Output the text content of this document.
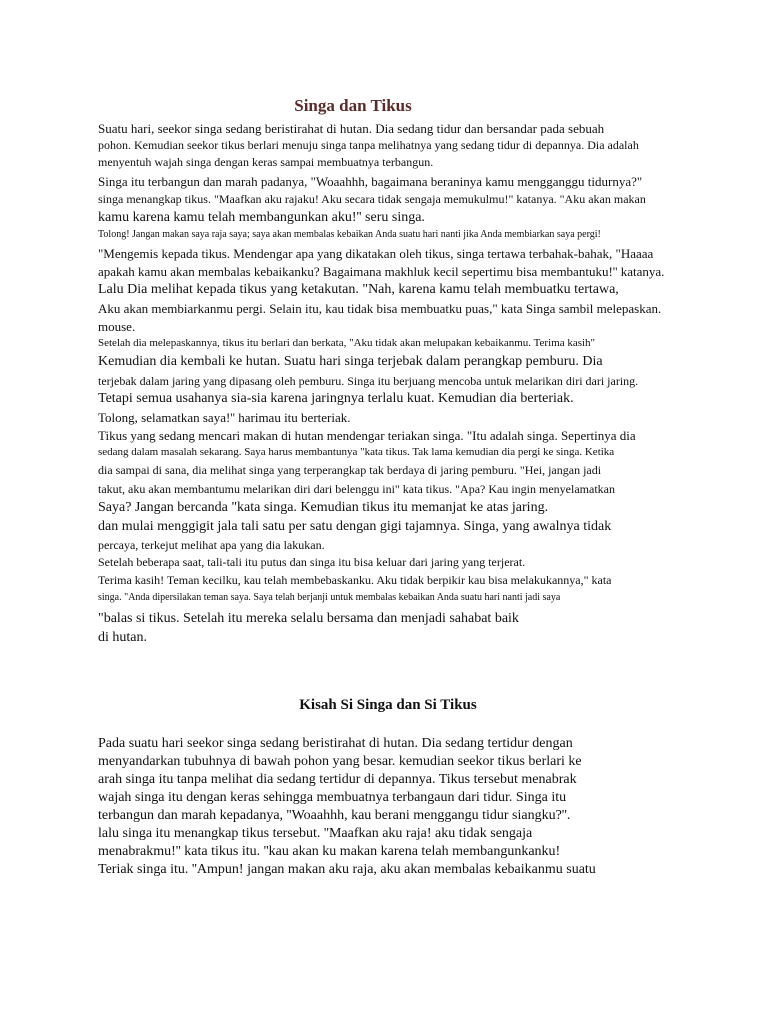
Singa dan Tikus
Suatu hari, seekor singa sedang beristirahat di hutan. Dia sedang tidur dan bersandar pada sebuah
pohon. Kemudian seekor tikus berlari menuju singa tanpa melihatnya yang sedang tidur di depannya. Dia adalah
menyentuh wajah singa dengan keras sampai membuatnya terbangun.
Singa itu terbangun dan marah padanya, "Woaahhh, bagaimana beraninya kamu mengganggu tidurnya?"
singa menangkap tikus. "Maafkan aku rajaku! Aku secara tidak sengaja memukulmu!" katanya. "Aku akan makan
kamu karena kamu telah membangunkan aku!'' seru singa.
Tolong! Jangan makan saya raja saya; saya akan membalas kebaikan Anda suatu hari nanti jika Anda membiarkan saya pergi!
"Mengemis kepada tikus. Mendengar apa yang dikatakan oleh tikus, singa tertawa terbahak-bahak, "Haaaa
apakah kamu akan membalas kebaikanku? Bagaimana makhluk kecil sepertimu bisa membantuku!'' katanya.
Lalu Dia melihat kepada tikus yang ketakutan. "Nah, karena kamu telah membuatku tertawa,
Aku akan membiarkanmu pergi. Selain itu, kau tidak bisa membuatku puas," kata Singa sambil melepaskan.
mouse.
Setelah dia melepaskannya, tikus itu berlari dan berkata, "Aku tidak akan melupakan kebaikanmu. Terima kasih"
Kemudian dia kembali ke hutan. Suatu hari singa terjebak dalam perangkap pemburu. Dia
terjebak dalam jaring yang dipasang oleh pemburu. Singa itu berjuang mencoba untuk melarikan diri dari jaring.
Tetapi semua usahanya sia-sia karena jaringnya terlalu kuat. Kemudian dia berteriak.
Tolong, selamatkan saya!'' harimau itu berteriak.
Tikus yang sedang mencari makan di hutan mendengar teriakan singa. "Itu adalah singa. Sepertinya dia
sedang dalam masalah sekarang. Saya harus membantunya "kata tikus. Tak lama kemudian dia pergi ke singa. Ketika
dia sampai di sana, dia melihat singa yang terperangkap tak berdaya di jaring pemburu. "Hei, jangan jadi
takut, aku akan membantumu melarikan diri dari belenggu ini" kata tikus. "Apa? Kau ingin menyelamatkan
Saya? Jangan bercanda "kata singa. Kemudian tikus itu memanjat ke atas jaring.
dan mulai menggigit jala tali satu per satu dengan gigi tajamnya. Singa, yang awalnya tidak
percaya, terkejut melihat apa yang dia lakukan.
Setelah beberapa saat, tali-tali itu putus dan singa itu bisa keluar dari jaring yang terjerat.
Terima kasih! Teman kecilku, kau telah membebaskanku. Aku tidak berpikir kau bisa melakukannya," kata
singa. "Anda dipersilakan teman saya. Saya telah berjanji untuk membalas kebaikan Anda suatu hari nanti jadi saya
"balas si tikus. Setelah itu mereka selalu bersama dan menjadi sahabat baik
di hutan.
Kisah Si Singa dan Si Tikus
Pada suatu hari seekor singa sedang beristirahat di hutan. Dia sedang tertidur dengan
menyandarkan tubuhnya di bawah pohon yang besar. kemudian seekor tikus berlari ke
arah singa itu tanpa melihat dia sedang tertidur di depannya. Tikus tersebut menabrak
wajah singa itu dengan keras sehingga membuatnya terbangaun dari tidur. Singa itu
terbangun dan marah kepadanya, ''Woaahhh, kau berani menggangu tidur siangku?''.
lalu singa itu menangkap tikus tersebut. ''Maafkan aku raja! aku tidak sengaja
menabrakmu!'' kata tikus itu. ''kau akan ku makan karena telah membangunkanku!
Teriak singa itu. ''Ampun! jangan makan aku raja, aku akan membalas kebaikanmu suatu
